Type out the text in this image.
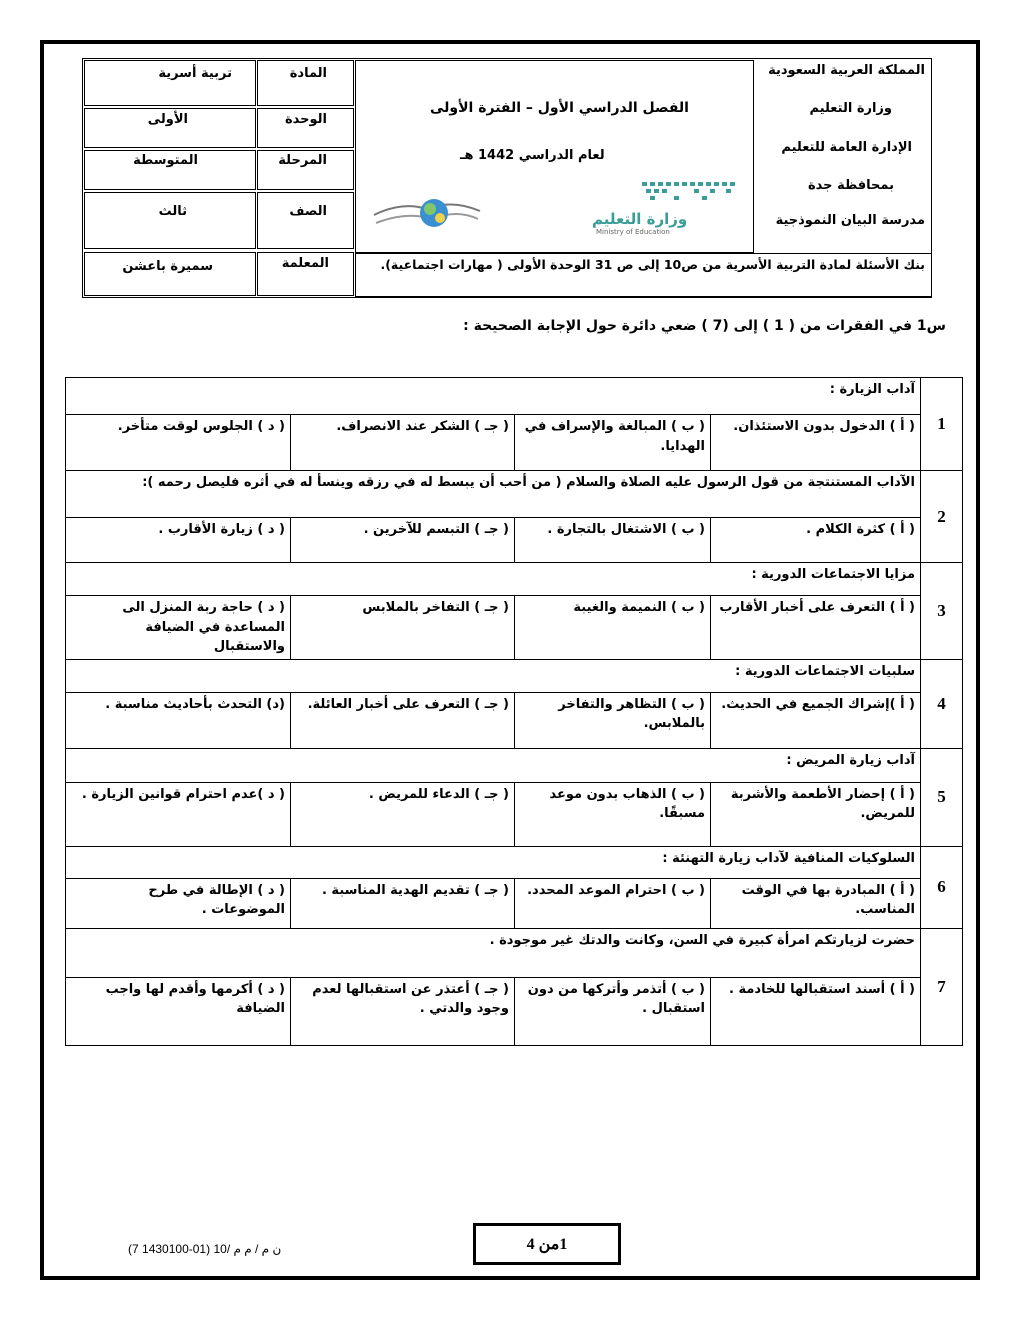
المملكة العربية السعودية
وزارة التعليم
الإدارة العامة للتعليم
بمحافظة جدة
مدرسة البيان النموذجية
الفصل الدراسي الأول – الفترة الأولى
لعام الدراسي 1442 هـ
وزارة التعليم
Ministry of Education
بنك الأسئلة لمادة التربية الأسرية من ص10 إلى ص 31 الوحدة الأولى ( مهارات اجتماعية).
المادة
تربية أسرية
الوحدة
الأولى
المرحلة
المتوسطة
الصف
ثالث
المعلمة
سميرة باعشن
س1 في الفقرات من ( 1 ) إلى (7 ) ضعي دائرة حول الإجابة الصحيحة :
1	آداب الزيارة :			
	( أ ) الدخول بدون الاستئذان.	( ب ) المبالغة والإسراف في الهدايا.	( جـ ) الشكر عند الانصراف.	( د ) الجلوس لوقت متأخر.
2	الآداب المستنتجة من قول الرسول عليه الصلاة والسلام ( من أحب أن يبسط له في رزقه وينسأ له في أثره فليصل رحمه ):			
	( أ ) كثرة الكلام .	( ب ) الاشتغال بالتجارة .	( جـ ) التبسم للآخرين .	( د ) زيارة الأقارب .
3	مزايا الاجتماعات الدورية :			
	( أ ) التعرف على أخبار الأقارب	( ب ) النميمة والغيبة	( جـ ) التفاخر بالملابس	( د ) حاجة ربة المنزل الى المساعدة في الضيافة والاستقبال
4	سلبيات الاجتماعات الدورية :			
	( أ )إشراك الجميع في الحديث.	( ب ) التظاهر والتفاخر بالملابس.	( جـ ) التعرف على أخبار العائلة.	(د) التحدث بأحاديث مناسبة .
5	آداب زيارة المريض :			
	( أ ) إحضار الأطعمة والأشربة للمريض.	( ب ) الذهاب بدون موعد مسبقًا.	( جـ ) الدعاء للمريض .	( د )عدم احترام قوانين الزيارة .
6	السلوكيات المنافية لآداب زيارة التهنئة :			
	( أ ) المبادرة بها في الوقت المناسب.	( ب ) احترام الموعد المحدد.	( جـ ) تقديم الهدية المناسبة .	( د ) الإطالة في طرح الموضوعات .
7	حضرت لزيارتكم امرأة كبيرة في السن، وكانت والدتك غير موجودة .			
	( أ ) أسند استقبالها للخادمة .	( ب ) أتذمر وأتركها من دون استقبال .	( جـ ) أعتذر عن استقبالها لعدم وجود والدتي .	( د ) أكرمها وأقدم لها واجب الضيافة
1من 4
ن م / م م /10 (01-1430100 7)
